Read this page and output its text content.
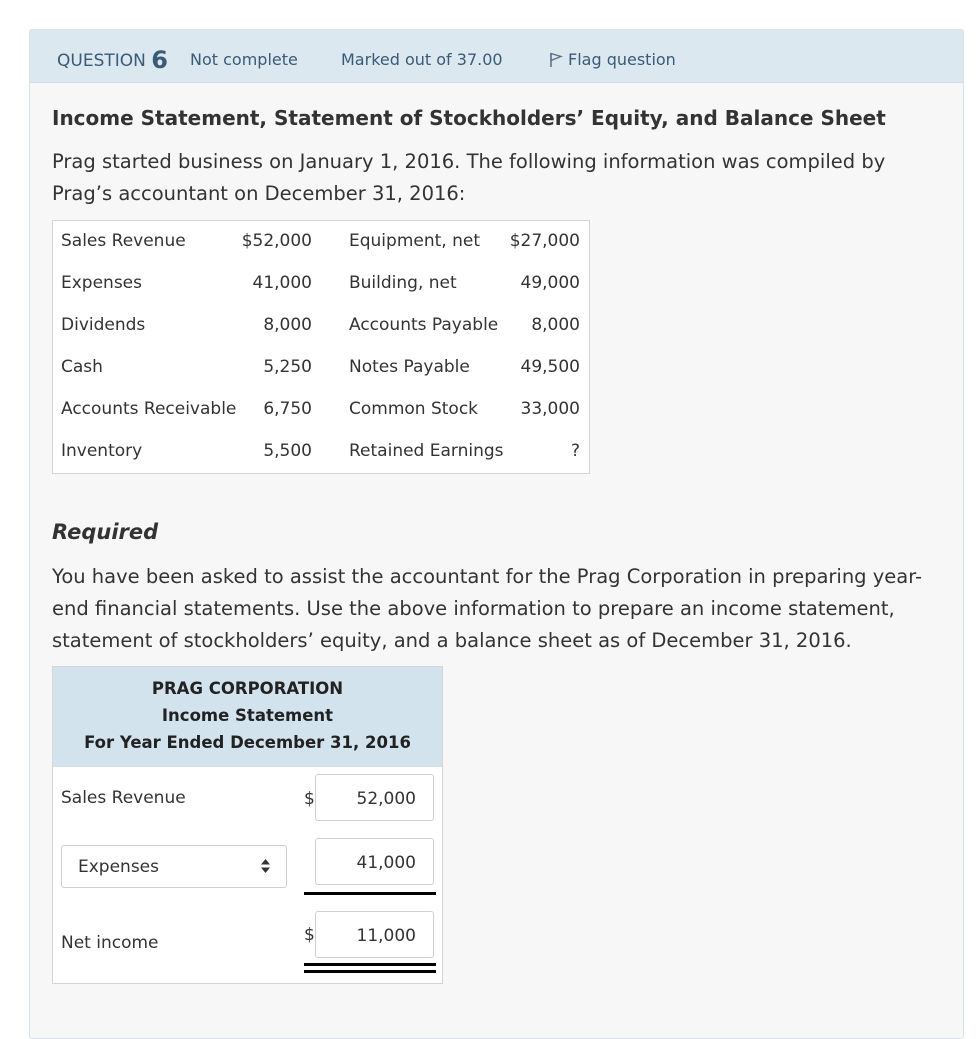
QUESTION 6 Not complete	Marked out of 37.00	Flag question
Income Statement, Statement of Stockholders’ Equity, and Balance Sheet
Prag started business on January 1, 2016. The following information was compiled by
Prag’s accountant on December 31, 2016:
Sales Revenue	$52,000 Equipment, net $27,000
Expenses	41,000 Building, net	49,000
Dividends	8,000 Accounts Payable 8,000
Cash	5,250 Notes Payable	49,500
Accounts Receivable 6,750 Common Stock 33,000
Inventory	5,500 Retained Earnings	?
Required
You have been asked to assist the accountant for the Prag Corporation in preparing year-
end financial statements. Use the above information to prepare an income statement,
statement of stockholders’ equity, and a balance sheet as of December 31, 2016.
PRAG CORPORATION
Income Statement
For Year Ended December 31, 2016
Sales Revenue	$	52,000
Expenses	41,000
Net income	$	11,000
